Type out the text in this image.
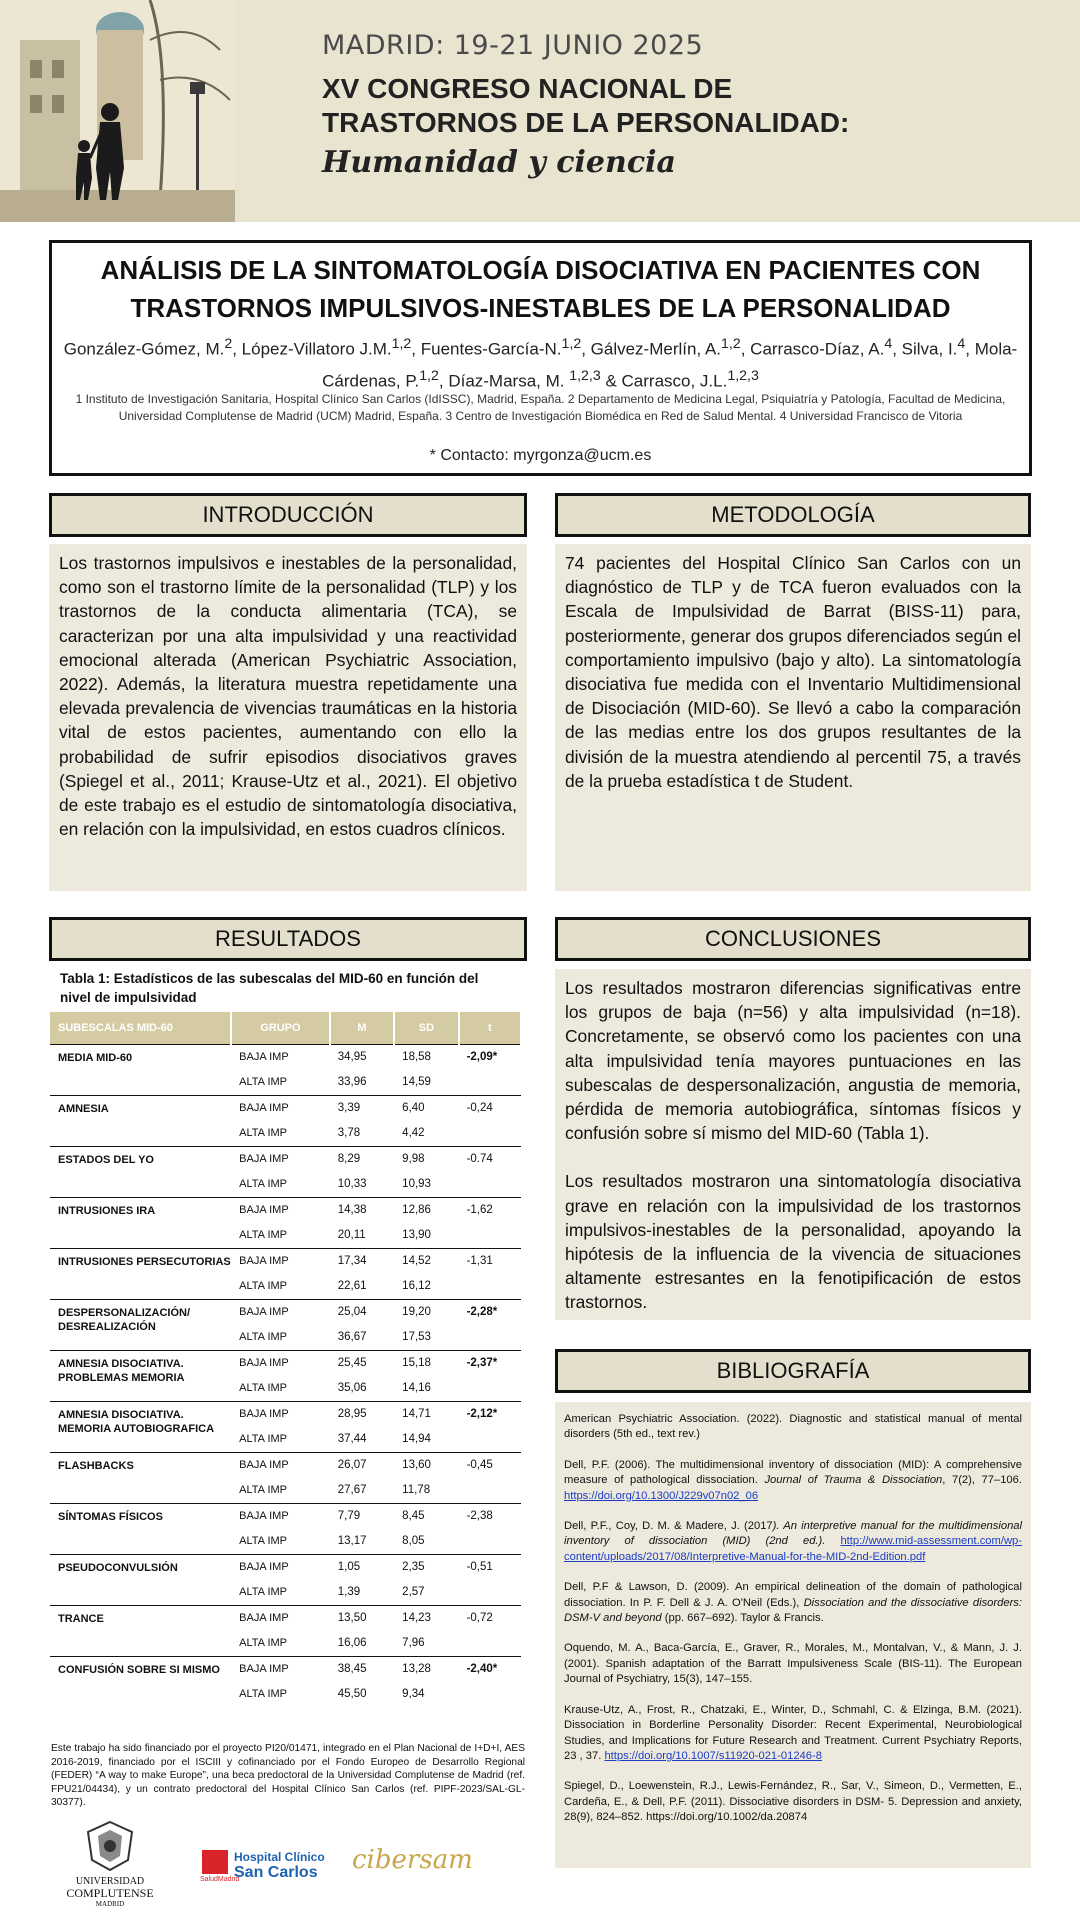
MADRID: 19-21 JUNIO 2025
XV CONGRESO NACIONAL DE
TRASTORNOS DE LA PERSONALIDAD:
Humanidad y ciencia
ANÁLISIS DE LA SINTOMATOLOGÍA DISOCIATIVA EN PACIENTES CON
TRASTORNOS IMPULSIVOS-INESTABLES DE LA PERSONALIDAD
González-Gómez, M.$^2$, López-Villatoro J.M.$^{1,2}$, Fuentes-García-N.$^{1,2}$, Gálvez-Merlín, A.$^{1,2}$, Carrasco-Díaz, A.$^4$, Silva, I.$^4$, Mola-Cárdenas, P.$^{1,2}$, Díaz-Marsa, M. $^{1,2,3}$ & Carrasco, J.L.$^{1,2,3}$
1 Instituto de Investigación Sanitaria, Hospital Clínico San Carlos (IdISSC), Madrid, España. 2 Departamento de Medicina Legal, Psiquiatría y Patología, Facultad de Medicina, Universidad Complutense de Madrid (UCM) Madrid, España. 3 Centro de Investigación Biomédica en Red de Salud Mental. 4 Universidad Francisco de Vitoria
* Contacto: myrgonza@ucm.es
INTRODUCCIÓN
Los trastornos impulsivos e inestables de la personalidad, como son el trastorno límite de la personalidad (TLP) y los trastornos de la conducta alimentaria (TCA), se caracterizan por una alta impulsividad y una reactividad emocional alterada (American Psychiatric Association, 2022). Además, la literatura muestra repetidamente una elevada prevalencia de vivencias traumáticas en la historia vital de estos pacientes, aumentando con ello la probabilidad de sufrir episodios disociativos graves (Spiegel et al., 2011; Krause-Utz et al., 2021). El objetivo de este trabajo es el estudio de sintomatología disociativa, en relación con la impulsividad, en estos cuadros clínicos.
METODOLOGÍA
74 pacientes del Hospital Clínico San Carlos con un diagnóstico de TLP y de TCA fueron evaluados con la Escala de Impulsividad de Barrat (BISS-11) para, posteriormente, generar dos grupos diferenciados según el comportamiento impulsivo (bajo y alto). La sintomatología disociativa fue medida con el Inventario Multidimensional de Disociación (MID-60). Se llevó a cabo la comparación de las medias entre los dos grupos resultantes de la división de la muestra atendiendo al percentil 75, a través de la prueba estadística t de Student.
RESULTADOS
Tabla 1: Estadísticos de las subescalas del MID-60 en función del nivel de impulsividad
SUBESCALAS MID-60	GRUPO	M	SD	t
MEDIA MID-60	BAJA IMP	34,95	18,58	-2,09*
	ALTA IMP	33,96	14,59	
AMNESIA	BAJA IMP	3,39	6,40	-0,24
	ALTA IMP	3,78	4,42	
ESTADOS DEL YO	BAJA IMP	8,29	9,98	-0.74
	ALTA IMP	10,33	10,93	
INTRUSIONES IRA	BAJA IMP	14,38	12,86	-1,62
	ALTA IMP	20,11	13,90	
INTRUSIONES PERSECUTORIAS	BAJA IMP	17,34	14,52	-1,31
	ALTA IMP	22,61	16,12	
DESPERSONALIZACIÓN/ DESREALIZACIÓN	BAJA IMP	25,04	19,20	-2,28*
	ALTA IMP	36,67	17,53	
AMNESIA DISOCIATIVA. PROBLEMAS MEMORIA	BAJA IMP	25,45	15,18	-2,37*
	ALTA IMP	35,06	14,16	
AMNESIA DISOCIATIVA. MEMORIA AUTOBIOGRAFICA	BAJA IMP	28,95	14,71	-2,12*
	ALTA IMP	37,44	14,94	
FLASHBACKS	BAJA IMP	26,07	13,60	-0,45
	ALTA IMP	27,67	11,78	
SÍNTOMAS FÍSICOS	BAJA IMP	7,79	8,45	-2,38
	ALTA IMP	13,17	8,05	
PSEUDOCONVULSIÓN	BAJA IMP	1,05	2,35	-0,51
	ALTA IMP	1,39	2,57	
TRANCE	BAJA IMP	13,50	14,23	-0,72
	ALTA IMP	16,06	7,96	
CONFUSIÓN SOBRE SI MISMO	BAJA IMP	38,45	13,28	-2,40*
	ALTA IMP	45,50	9,34	
Este trabajo ha sido financiado por el proyecto PI20/01471, integrado en el Plan Nacional de I+D+I, AES 2016-2019, financiado por el ISCIII y cofinanciado por el Fondo Europeo de Desarrollo Regional (FEDER) “A way to make Europe”, una beca predoctoral de la Universidad Complutense de Madrid (ref. FPU21/04434), y un contrato predoctoral del Hospital Clínico San Carlos (ref. PIPF-2023/SAL-GL-30377).
UNIVERSIDAD
COMPLUTENSE
MADRID
SaludMadrid
Hospital Clínico
San Carlos cibersam
CONCLUSIONES
Los resultados mostraron diferencias significativas entre los grupos de baja (n=56) y alta impulsividad (n=18). Concretamente, se observó como los pacientes con una alta impulsividad tenía mayores puntuaciones en las subescalas de despersonalización, angustia de memoria, pérdida de memoria autobiográfica, síntomas físicos y confusión sobre sí mismo del MID-60 (Tabla 1).
Los resultados mostraron una sintomatología disociativa grave en relación con la impulsividad de los trastornos impulsivos-inestables de la personalidad, apoyando la hipótesis de la influencia de la vivencia de situaciones altamente estresantes en la fenotipificación de estos trastornos.
BIBLIOGRAFÍA

American Psychiatric Association. (2022). Diagnostic and statistical manual of mental disorders (5th ed., text rev.)

Dell, P.F. (2006). The multidimensional inventory of dissociation (MID): A comprehensive measure of pathological dissociation. Journal of Trauma & Dissociation, 7(2), 77–106. https://doi.org/10.1300/J229v07n02_06

Dell, P.F., Coy, D. M. & Madere, J. (2017). An interpretive manual for the multidimensional inventory of dissociation (MID) (2nd ed.). http://www.mid-assessment.com/wp-content/uploads/2017/08/Interpretive-Manual-for-the-MID-2nd-Edition.pdf

Dell, P.F & Lawson, D. (2009). An empirical delineation of the domain of pathological dissociation. In P. F. Dell & J. A. O'Neil (Eds.), Dissociation and the dissociative disorders: DSM-V and beyond (pp. 667–692). Taylor & Francis.

Oquendo, M. A., Baca-García, E., Graver, R., Morales, M., Montalvan, V., & Mann, J. J. (2001). Spanish adaptation of the Barratt Impulsiveness Scale (BIS-11). The European Journal of Psychiatry, 15(3), 147–155.

Krause-Utz, A., Frost, R., Chatzaki, E., Winter, D., Schmahl, C. & Elzinga, B.M. (2021). Dissociation in Borderline Personality Disorder: Recent Experimental, Neurobiological Studies, and Implications for Future Research and Treatment. Current Psychiatry Reports, 23 , 37. https://doi.org/10.1007/s11920-021-01246-8

Spiegel, D., Loewenstein, R.J., Lewis-Fernández, R., Sar, V., Simeon, D., Vermetten, E., Cardeña, E., & Dell, P.F. (2011). Dissociative disorders in DSM- 5. Depression and anxiety, 28(9), 824–852. https://doi.org/10.1002/da.20874
